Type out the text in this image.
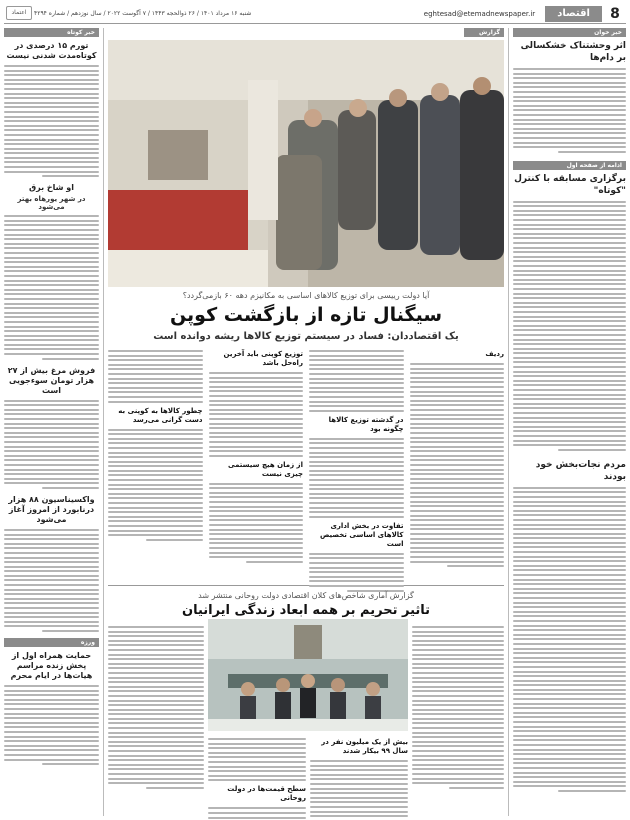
8
اقتصاد
eghtesad@etemadnewspaper.ir
شنبه ۱۶ مرداد ۱۴۰۱ / ۲۶ ذوالحجه ۱۴۴۳ / ۷ آگوست ۲۰۲۲ / سال نوزدهم / شماره ۴۲۹۴
اعتماد
خبر خوان
اثر وحشتناک خشکسالی بر دام‌ها
ادامه از صفحه اول
برگزاری مسابقه با کنترل "کوتاه"
مردم نجات‌بخش خود بودند
خبر کوتاه
تورم ۱۵ درصدی در کوتاه‌مدت شدنی نیست
او شاخ برق
در شهر یورهاه بهتر می‌شود
فروش مرغ بیش از ۲۷ هزار تومان سوءجویی است
واکسیناسیون ۸۸ هزار درنابورد از امروز آغاز می‌شود
ورزه
حمایت همراه اول از پخش زنده مراسم هیات‌ها در ایام محرم
گزارش
آیا دولت رییسی برای توزیع کالاهای اساسی به مکانیزم دهه ۶۰ بازمی‌گردد؟
سیگنال تازه از بازگشت کوپن
یک اقتصاددان: فساد در سیستم توزیع کالاها ریشه دوانده است
ردیف
در گذشته توزیع کالاها چگونه بود
تفاوت در بخش اداری کالاهای اساسی تخصیص است
توزیع کوپنی باید آخرین راه‌حل باشد
از زمان هیچ سیستمی چیزی نیست
چطور کالاها به کوپنی به دست گرانی می‌رسد
گزارش آماری شاخص‌های کلان اقتصادی دولت روحانی منتشر شد
تاثیر تحریم بر همه ابعاد زندگی ایرانیان
بیش از یک میلیون نفر در سال ۹۹ بیکار شدند
سطح قیمت‌ها در دولت روحانی
